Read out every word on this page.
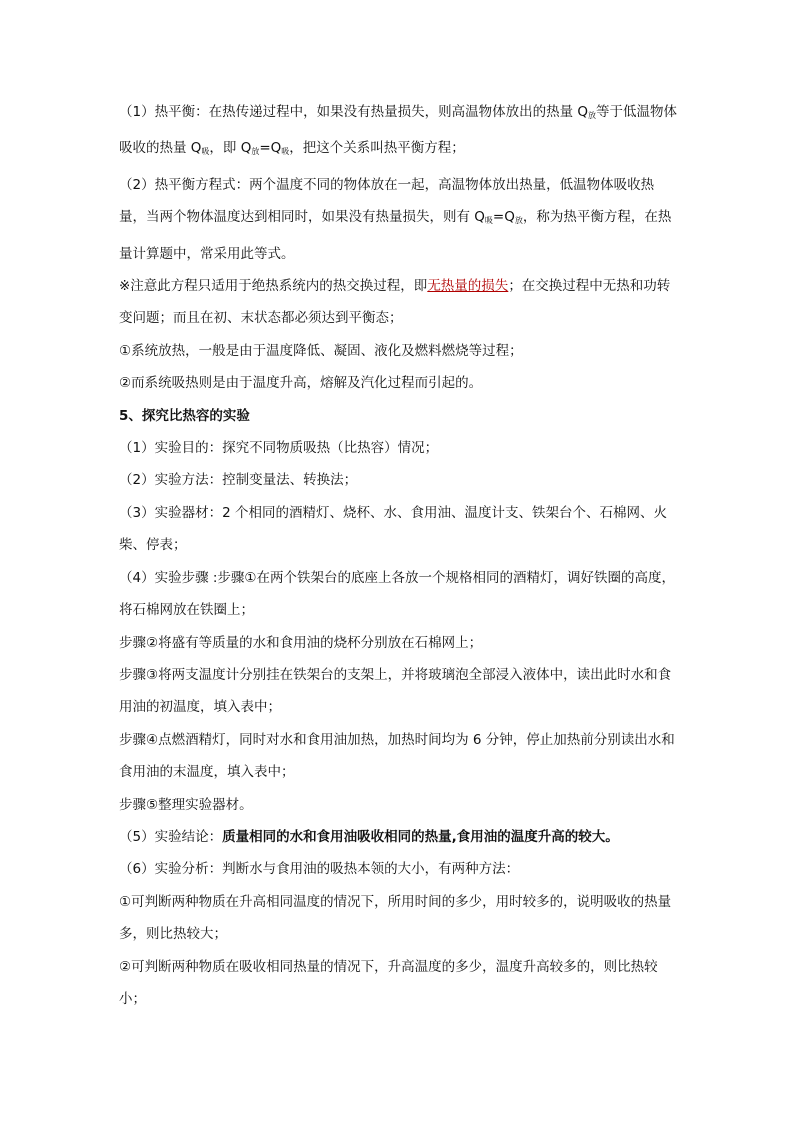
（1）热平衡：在热传递过程中，如果没有热量损失，则高温物体放出的热量 $Q_放$等于低温物体吸收的热量 $Q_吸$，即 $Q_放=Q_吸$，把这个关系叫热平衡方程；

（2）热平衡方程式：两个温度不同的物体放在一起，高温物体放出热量，低温物体吸收热量，当两个物体温度达到相同时，如果没有热量损失，则有 $Q_吸=Q_放$，称为热平衡方程，在热量计算题中，常采用此等式。

※注意此方程只适用于绝热系统内的热交换过程，即无热量的损失；在交换过程中无热和功转变问题；而且在初、末状态都必须达到平衡态；

①系统放热，一般是由于温度降低、凝固、液化及燃料燃烧等过程；

②而系统吸热则是由于温度升高，熔解及汽化过程而引起的。

5、探究比热容的实验

（1）实验目的：探究不同物质吸热（比热容）情况；

（2）实验方法：控制变量法、转换法；

（3）实验器材：2 个相同的酒精灯、烧杯、水、食用油、温度计支、铁架台个、石棉网、火柴、停表；

（4）实验步骤 :步骤①在两个铁架台的底座上各放一个规格相同的酒精灯，调好铁圈的高度，将石棉网放在铁圈上；

步骤②将盛有等质量的水和食用油的烧杯分别放在石棉网上；

步骤③将两支温度计分别挂在铁架台的支架上，并将玻璃泡全部浸入液体中，读出此时水和食用油的初温度，填入表中；

步骤④点燃酒精灯，同时对水和食用油加热，加热时间均为 6 分钟，停止加热前分别读出水和食用油的末温度，填入表中；

步骤⑤整理实验器材。

（5）实验结论：质量相同的水和食用油吸收相同的热量,食用油的温度升高的较大。

（6）实验分析：判断水与食用油的吸热本领的大小，有两种方法：

①可判断两种物质在升高相同温度的情况下，所用时间的多少，用时较多的，说明吸收的热量多，则比热较大；

②可判断两种物质在吸收相同热量的情况下，升高温度的多少，温度升高较多的，则比热较小；
